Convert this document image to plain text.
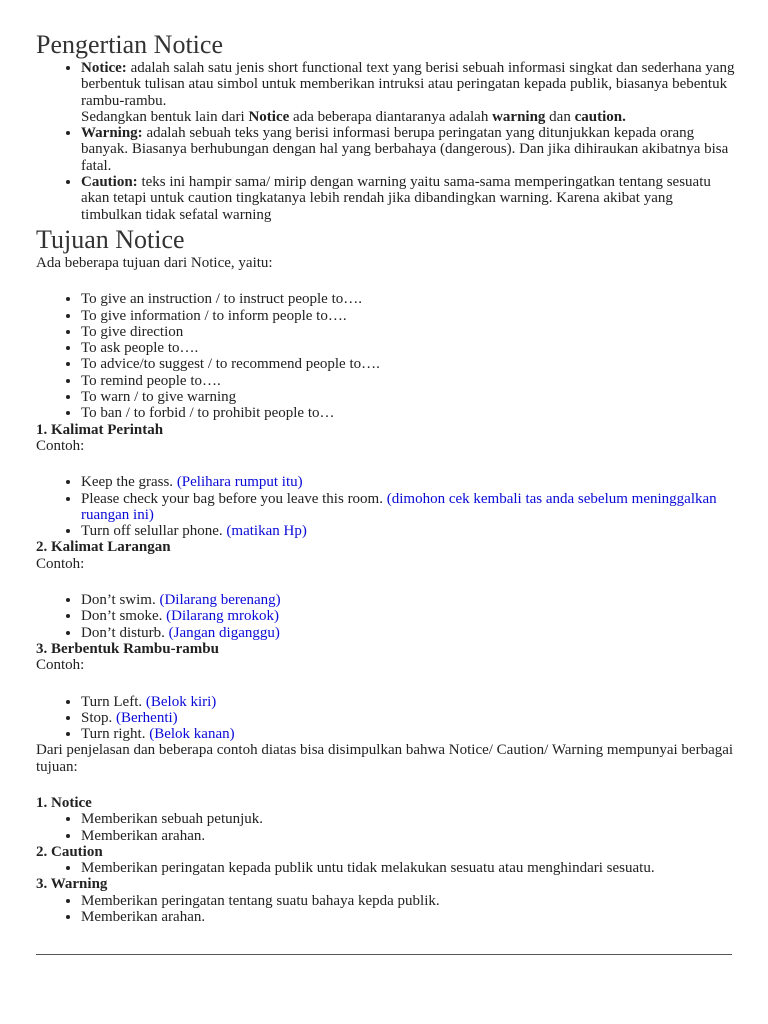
Pengertian Notice
• Notice: adalah salah satu jenis short functional text yang berisi sebuah informasi singkat dan sederhana yang berbentuk tulisan atau simbol untuk memberikan intruksi atau peringatan kepada publik, biasanya bebentuk rambu-rambu.
Sedangkan bentuk lain dari Notice ada beberapa diantaranya adalah warning dan caution.
• Warning: adalah sebuah teks yang berisi informasi berupa peringatan yang ditunjukkan kepada orang banyak. Biasanya berhubungan dengan hal yang berbahaya (dangerous). Dan jika dihiraukan akibatnya bisa fatal.
• Caution: teks ini hampir sama/ mirip dengan warning yaitu sama-sama memperingatkan tentang sesuatu akan tetapi untuk caution tingkatanya lebih rendah jika dibandingkan warning. Karena akibat yang timbulkan tidak sefatal warning
Tujuan Notice

Ada beberapa tujuan dari Notice, yaitu:

• To give an instruction / to instruct people to….
• To give information / to inform people to….
• To give direction
• To ask people to….
• To advice/to suggest / to recommend people to….
• To remind people to….
• To warn / to give warning
• To ban / to forbid / to prohibit people to…

1. Kalimat Perintah

Contoh:

• Keep the grass. (Pelihara rumput itu)
• Please check your bag before you leave this room. (dimohon cek kembali tas anda sebelum meninggalkan ruangan ini)
• Turn off selullar phone. (matikan Hp)

2. Kalimat Larangan

Contoh:

• Don’t swim. (Dilarang berenang)
• Don’t smoke. (Dilarang mrokok)
• Don’t disturb. (Jangan diganggu)

3. Berbentuk Rambu-rambu

Contoh:

• Turn Left. (Belok kiri)
• Stop. (Berhenti)
• Turn right. (Belok kanan)

Dari penjelasan dan beberapa contoh diatas bisa disimpulkan bahwa Notice/ Caution/ Warning mempunyai berbagai tujuan:

1. Notice

• Memberikan sebuah petunjuk.
• Memberikan arahan.

2. Caution

• Memberikan peringatan kepada publik untu tidak melakukan sesuatu atau menghindari sesuatu.

3. Warning

• Memberikan peringatan tentang suatu bahaya kepda publik.
• Memberikan arahan.
